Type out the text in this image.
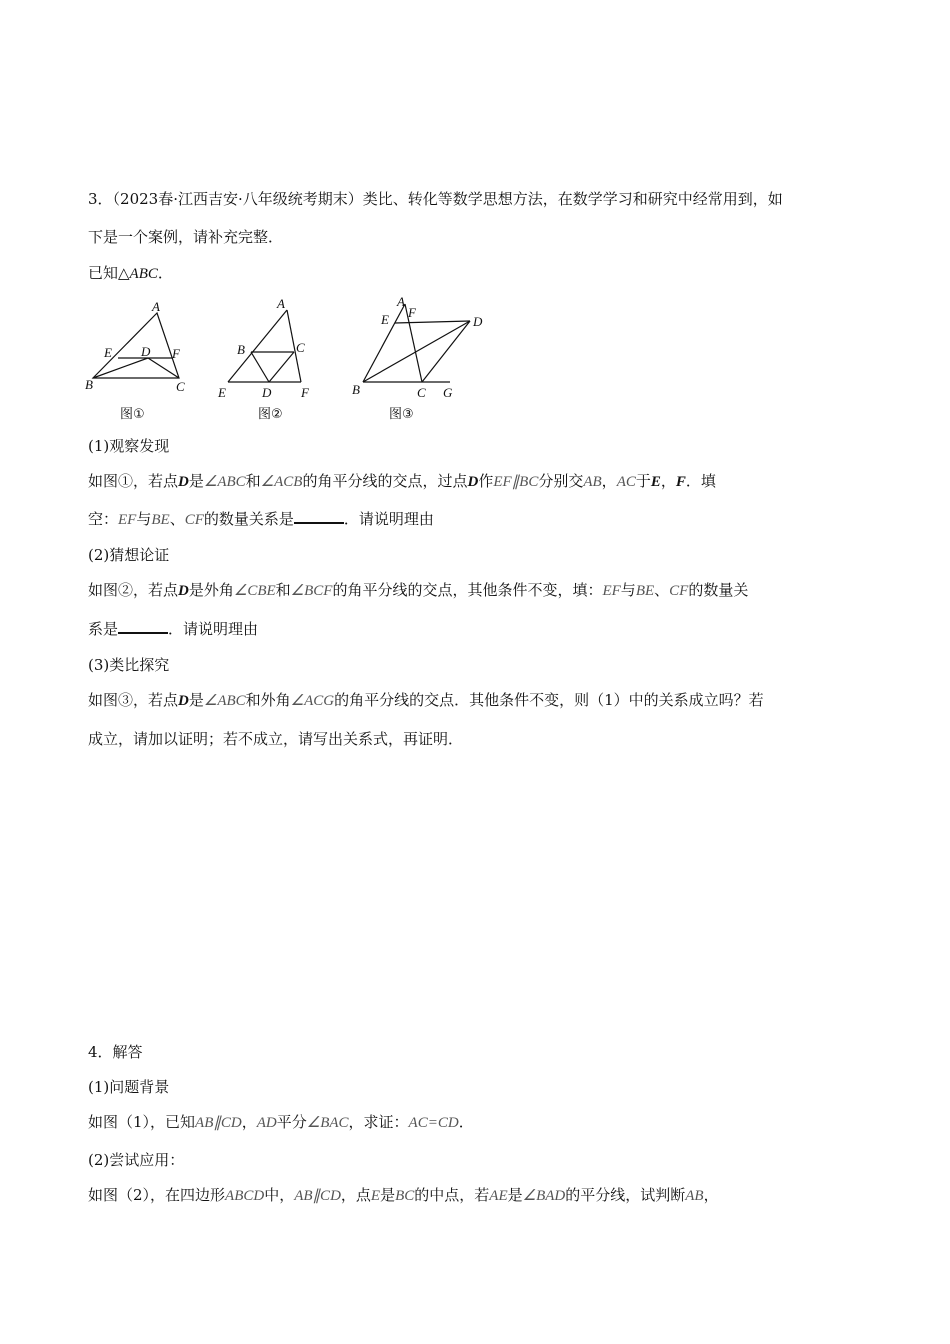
3．（2023春·江西吉安·八年级统考期末）类比、转化等数学思想方法，在数学学习和研究中经常用到，如
下是一个案例，请补充完整．
已知△ABC．
A
B	C
D
E	F
图①
A
B	C
D
E	F
图②
A
B	C
D
E F
G
图③
(1)观察发现
如图①，若点D是∠ABC和∠ACB的角平分线的交点，过点D作EF∥BC分别交AB，AC于E，F．填
空：EF与BE、CF的数量关系是	．请说明理由
(2)猜想论证
如图②，若点D是外角∠CBE和∠BCF的角平分线的交点，其他条件不变，填：EF与BE、CF的数量关
系是	．请说明理由
(3)类比探究
如图③，若点D是∠ABC和外角∠ACG的角平分线的交点．其他条件不变，则（1）中的关系成立吗？若
成立，请加以证明；若不成立，请写出关系式，再证明．
4．解答
(1)问题背景
如图（1），已知AB∥CD，AD平分∠BAC，求证：AC=CD．
(2)尝试应用：
如图（2），在四边形ABCD中，AB∥CD，点E是BC的中点，若AE是∠BAD的平分线，试判断AB，
